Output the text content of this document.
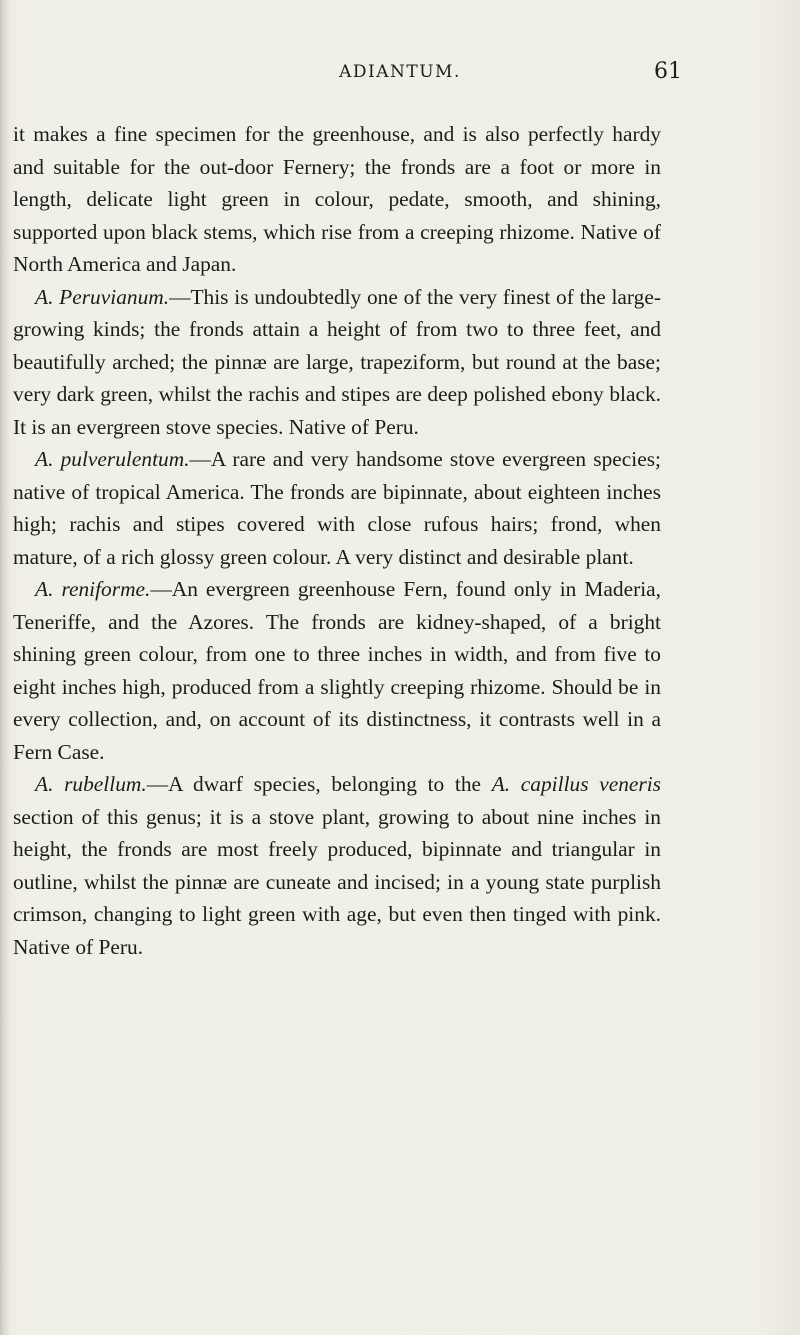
ADIANTUM.	61

it makes a fine specimen for the greenhouse, and is also perfectly hardy and suitable for the out-door Fernery; the fronds are a foot or more in length, delicate light green in colour, pedate, smooth, and shining, supported upon black stems, which rise from a creeping rhizome. Native of North America and Japan.

A. Peruvianum.—This is undoubtedly one of the very finest of the large-growing kinds; the fronds attain a height of from two to three feet, and beautifully arched; the pinnæ are large, trapeziform, but round at the base; very dark green, whilst the rachis and stipes are deep polished ebony black. It is an evergreen stove species. Native of Peru.

A. pulverulentum.—A rare and very handsome stove evergreen species; native of tropical America. The fronds are bipinnate, about eighteen inches high; rachis and stipes covered with close rufous hairs; frond, when mature, of a rich glossy green colour. A very distinct and desirable plant.

A. reniforme.—An evergreen greenhouse Fern, found only in Maderia, Teneriffe, and the Azores. The fronds are kidney-shaped, of a bright shining green colour, from one to three inches in width, and from five to eight inches high, produced from a slightly creeping rhizome. Should be in every collection, and, on account of its distinctness, it contrasts well in a Fern Case.

A. rubellum.—A dwarf species, belonging to the A. capillus veneris section of this genus; it is a stove plant, growing to about nine inches in height, the fronds are most freely produced, bipinnate and triangular in outline, whilst the pinnæ are cuneate and incised; in a young state purplish crimson, changing to light green with age, but even then tinged with pink. Native of Peru.
